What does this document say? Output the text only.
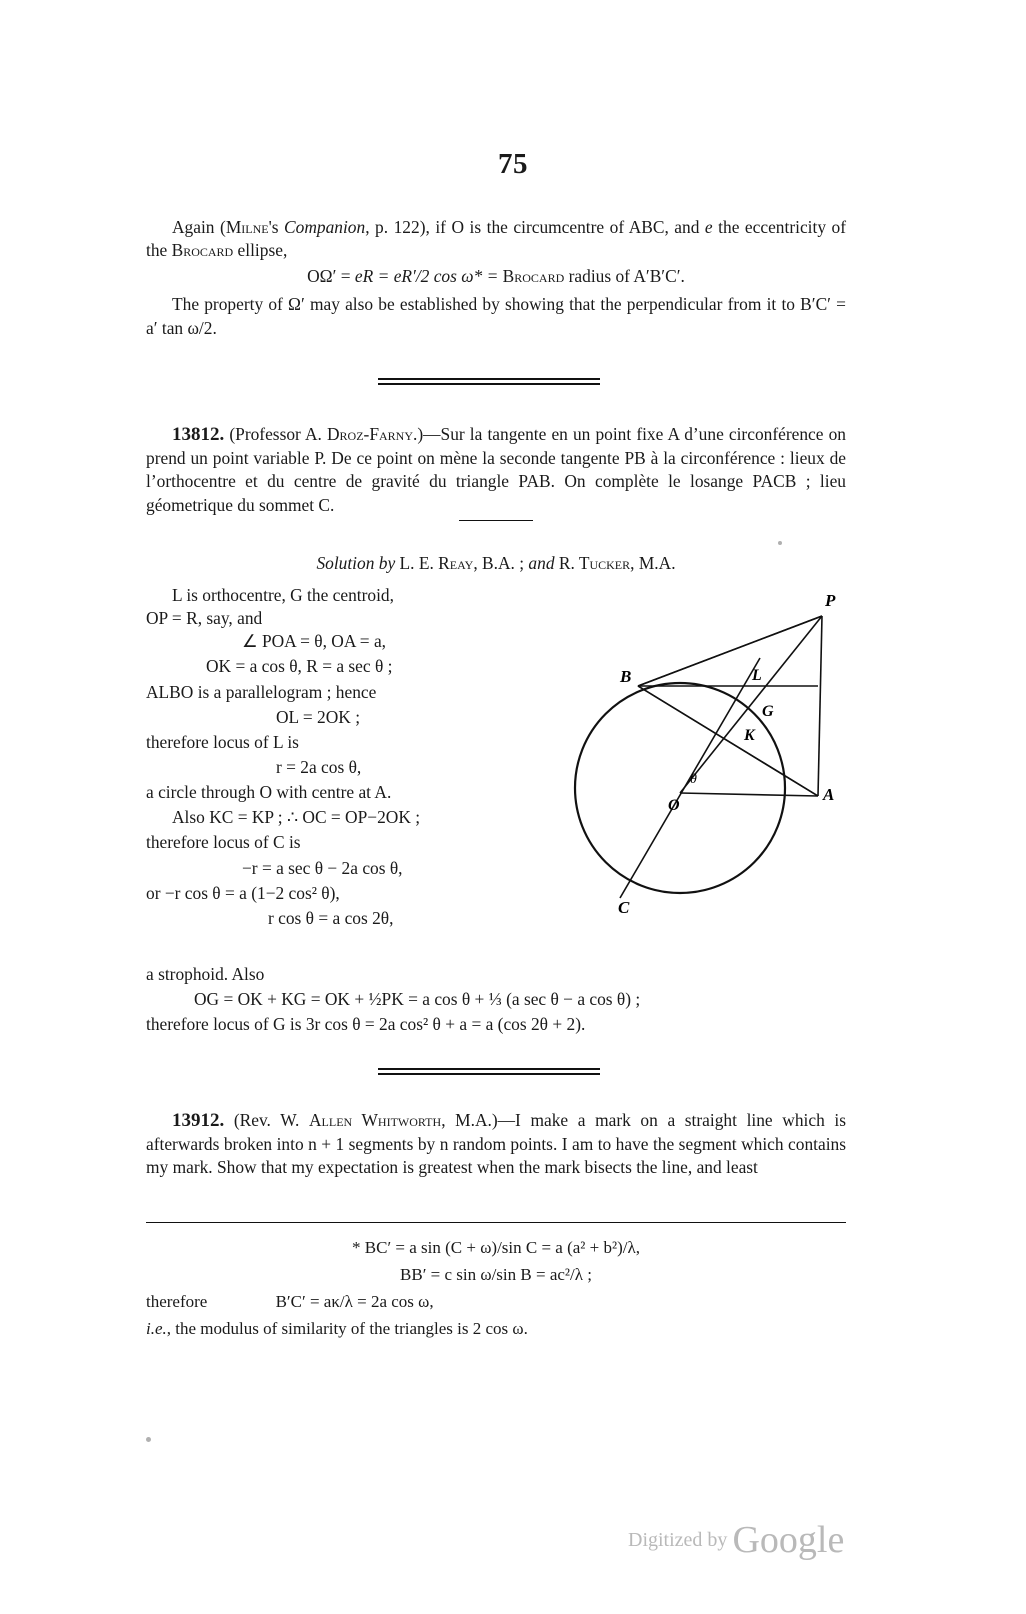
75

Again (Milne's Companion, p. 122), if O is the circumcentre of ABC, and e the eccentricity of the Brocard ellipse,

OΩ′ = eR = eR′/2 cos ω* = Brocard radius of A′B′C′.

The property of Ω′ may also be established by showing that the perpendicular from it to B′C′ = a′ tan ω/2.

13812. (Professor A. Droz-Farny.)—Sur la tangente en un point fixe A d’une circonférence on prend un point variable P. De ce point on mène la seconde tangente PB à la circonférence : lieux de l’orthocentre et du centre de gravité du triangle PAB. On complète le losange PACB ; lieu géometrique du sommet C.

Solution by L. E. Reay, B.A. ; and R. Tucker, M.A.

L is orthocentre, G the centroid,

OP = R, say, and

∠ POA = θ, OA = a,

OK = a cos θ, R = a sec θ ;

ALBO is a parallelogram ; hence

OL = 2OK ;

therefore locus of L is

r = 2a cos θ,

a circle through O with centre at A.

Also KC = KP ; ∴ OC = OP−2OK ;

therefore locus of C is

−r = a sec θ − 2a cos θ,

or −r cos θ = a (1−2 cos² θ),

r cos θ = a cos 2θ,

a strophoid. Also

OG = OK + KG = OK + ½PK = a cos θ + ⅓ (a sec θ − a cos θ) ;

therefore locus of G is 3r cos θ = 2a cos² θ + a = a (cos 2θ + 2).

P
B	L
G
K
A
O
C
θ

13912. (Rev. W. Allen Whitworth, M.A.)—I make a mark on a straight line which is afterwards broken into n + 1 segments by n random points. I am to have the segment which contains my mark. Show that my expectation is greatest when the mark bisects the line, and least

* BC′ = a sin (C + ω)/sin C = a (a² + b²)/λ,

BB′ = c sin ω/sin B = ac²/λ ;

therefore	B′C′ = aκ/λ = 2a cos ω,

i.e., the modulus of similarity of the triangles is 2 cos ω.

Digitized by Google
